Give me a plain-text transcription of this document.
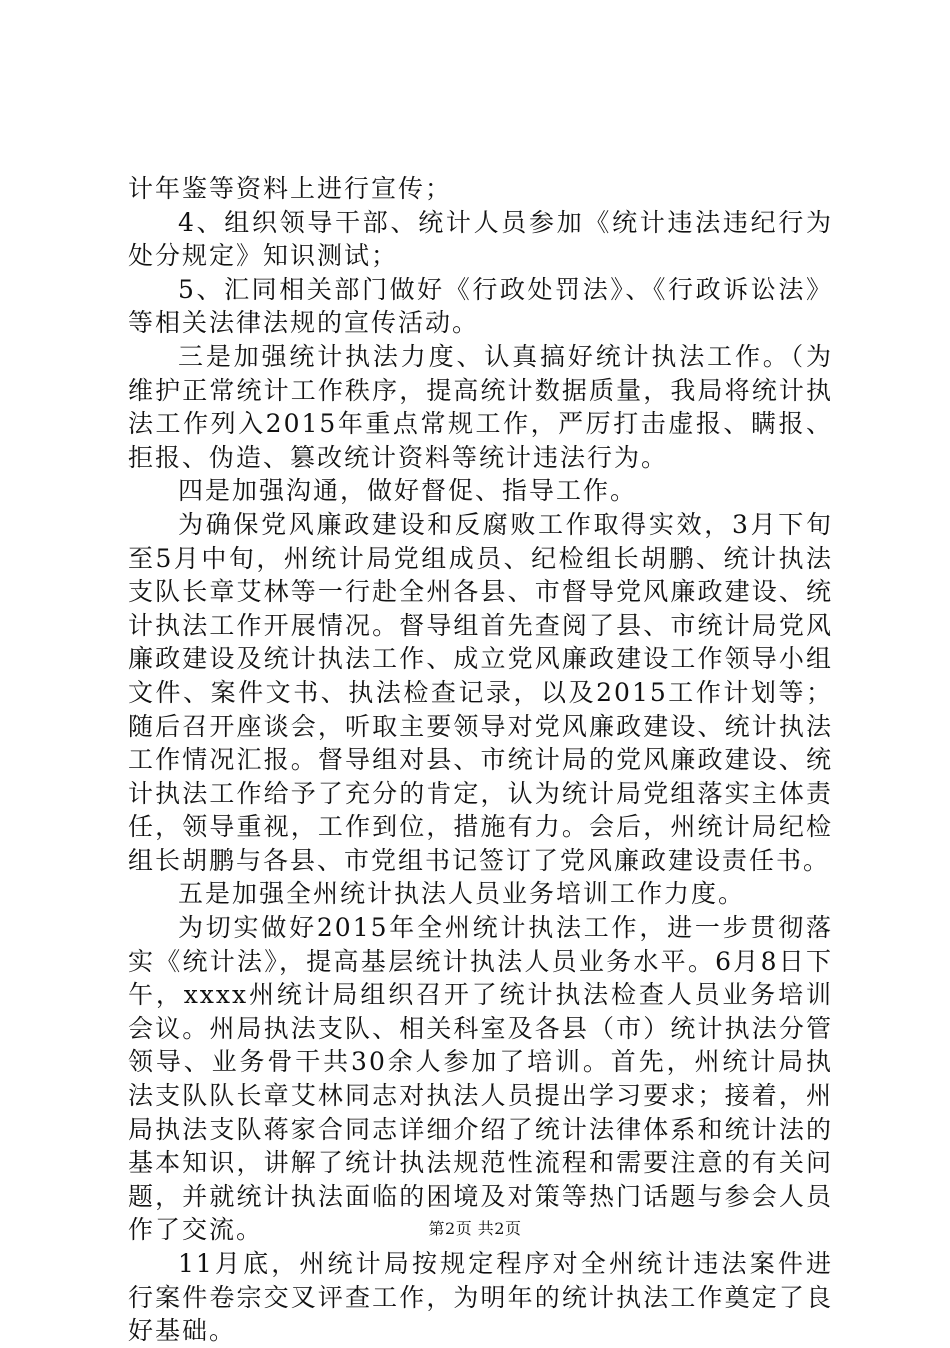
计年鉴等资料上进行宣传；

4、组织领导干部、统计人员参加《统计违法违纪行为处分规定》知识测试；

5、汇同相关部门做好《行政处罚法》、《行政诉讼法》等相关法律法规的宣传活动。

三是加强统计执法力度、认真搞好统计执法工作。（为维护正常统计工作秩序，提高统计数据质量，我局将统计执法工作列入2015年重点常规工作，严厉打击虚报、瞒报、拒报、伪造、篡改统计资料等统计违法行为。

四是加强沟通，做好督促、指导工作。

为确保党风廉政建设和反腐败工作取得实效，3月下旬至5月中旬，州统计局党组成员、纪检组长胡鹏、统计执法支队长章艾林等一行赴全州各县、市督导党风廉政建设、统计执法工作开展情况。督导组首先查阅了县、市统计局党风廉政建设及统计执法工作、成立党风廉政建设工作领导小组文件、案件文书、执法检查记录，以及2015工作计划等；随后召开座谈会，听取主要领导对党风廉政建设、统计执法工作情况汇报。督导组对县、市统计局的党风廉政建设、统计执法工作给予了充分的肯定，认为统计局党组落实主体责任，领导重视，工作到位，措施有力。会后，州统计局纪检组长胡鹏与各县、市党组书记签订了党风廉政建设责任书。

五是加强全州统计执法人员业务培训工作力度。

为切实做好2015年全州统计执法工作，进一步贯彻落实《统计法》，提高基层统计执法人员业务水平。6月8日下午，xxxx州统计局组织召开了统计执法检查人员业务培训会议。州局执法支队、相关科室及各县（市）统计执法分管领导、业务骨干共30余人参加了培训。首先，州统计局执法支队队长章艾林同志对执法人员提出学习要求；接着，州局执法支队蒋家合同志详细介绍了统计法律体系和统计法的基本知识，讲解了统计执法规范性流程和需要注意的有关问题，并就统计执法面临的困境及对策等热门话题与参会人员作了交流。

11月底，州统计局按规定程序对全州统计违法案件进行案件卷宗交叉评查工作，为明年的统计执法工作奠定了良好基础。

第2页 共2页
